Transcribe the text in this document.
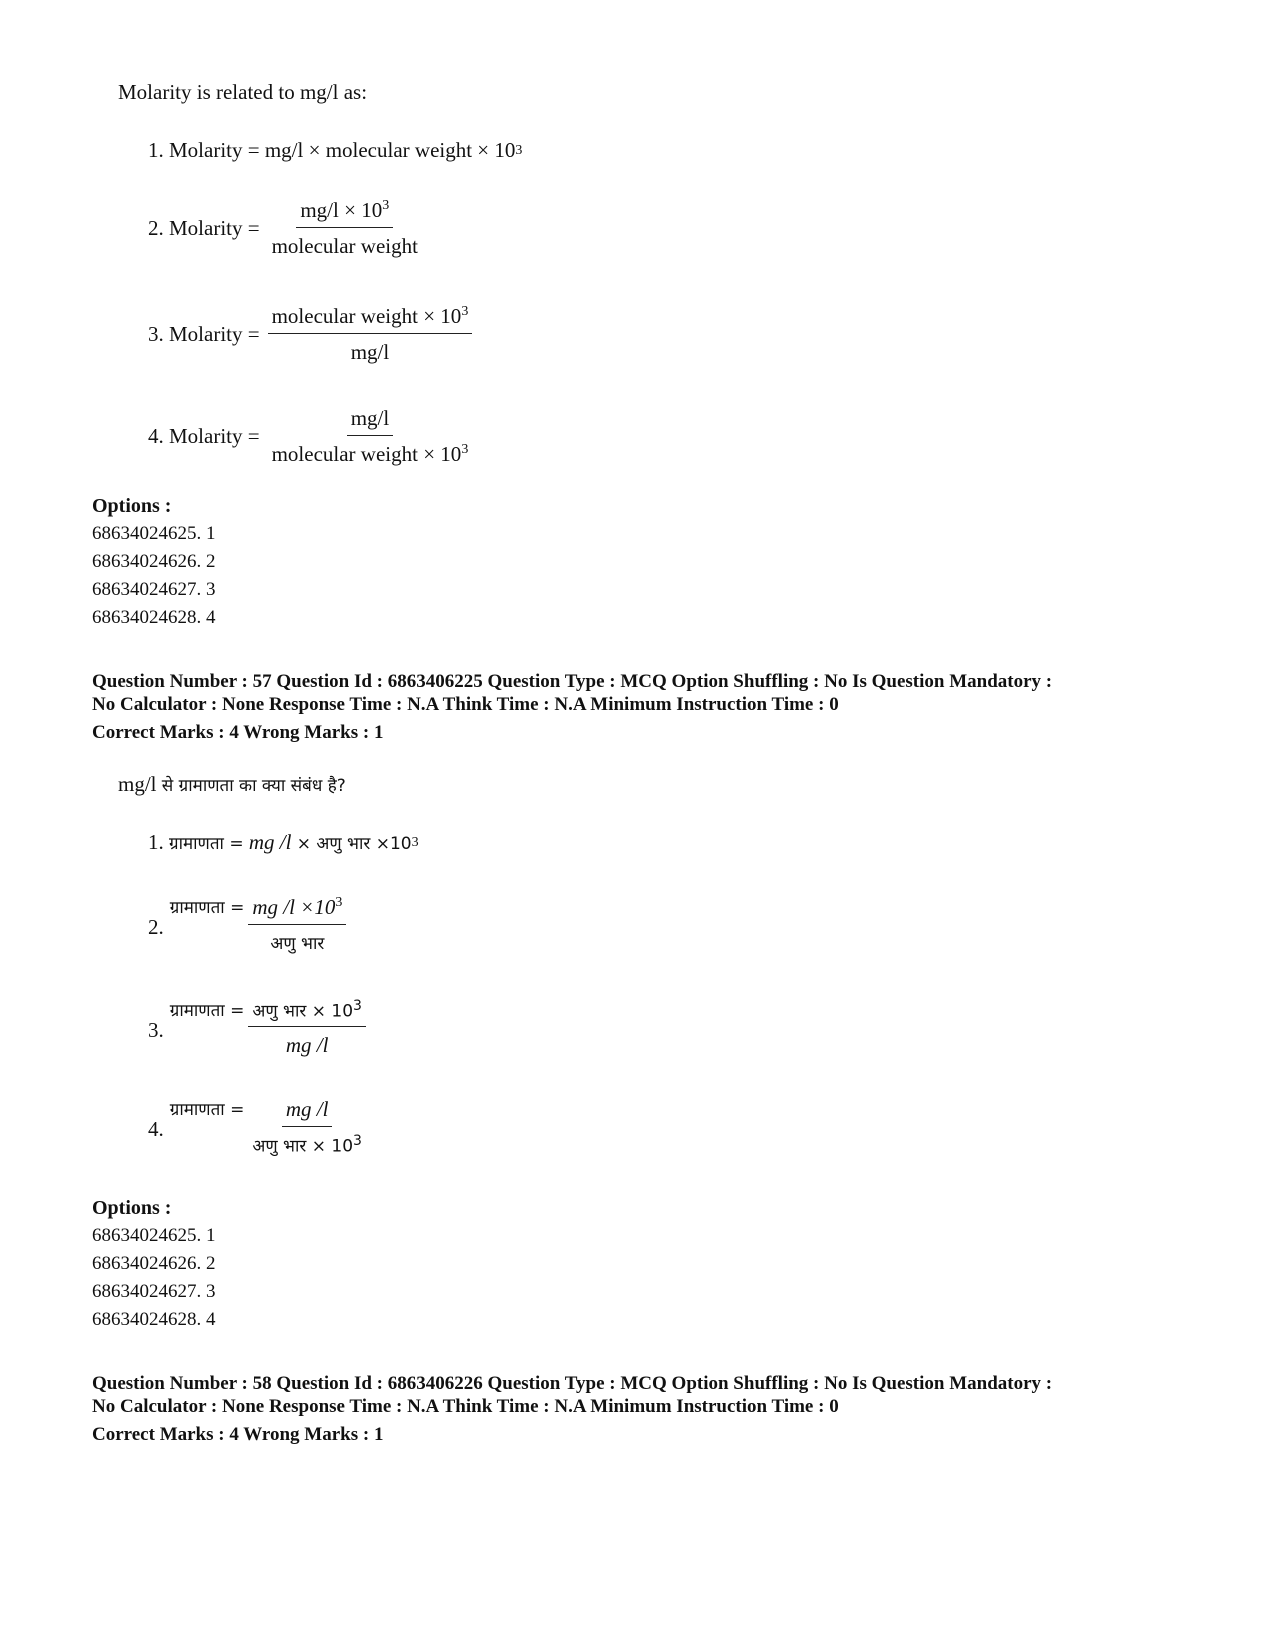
Molarity is related to mg/l as:
1. Molarity =
mg/l × molecular weight × 10 3
2. Molarity = $\frac{mg/l \times 10^3}{\text{molecular weight}}$
3. Molarity = $\frac{molecular weight \times 10^3}{mg/l}$
4. Molarity = $\frac{mg/l}{molecular weight \times 10^3}$
Options :
68634024625. 1
68634024626. 2
68634024627. 3
68634024628. 4
Question Number : 57 Question Id : 6863406225 Question Type : MCQ Option Shuffling : No Is Question Mandatory :
No Calculator : None Response Time : N.A Think Time : N.A Minimum Instruction Time : 0
Correct Marks : 4 Wrong Marks : 1
mg/l से ग्रामाणता का क्या संबंध है?
1.
ग्रामाणता =
mg /l
× अणु भार ×10 3
2.
ग्रामाणता = $\frac{mg /l \times 10^3}{\text{अणु भार}}$
3.
ग्रामाणता = $\frac{अणु भार \times 10^3}{mg /l}$
4.
ग्रामाणता = $\frac{mg /l}{अणु भार \times 10^3}$
Options :
68634024625. 1
68634024626. 2
68634024627. 3
68634024628. 4
Question Number : 58 Question Id : 6863406226 Question Type : MCQ Option Shuffling : No Is Question Mandatory :
No Calculator : None Response Time : N.A Think Time : N.A Minimum Instruction Time : 0
Correct Marks : 4 Wrong Marks : 1
